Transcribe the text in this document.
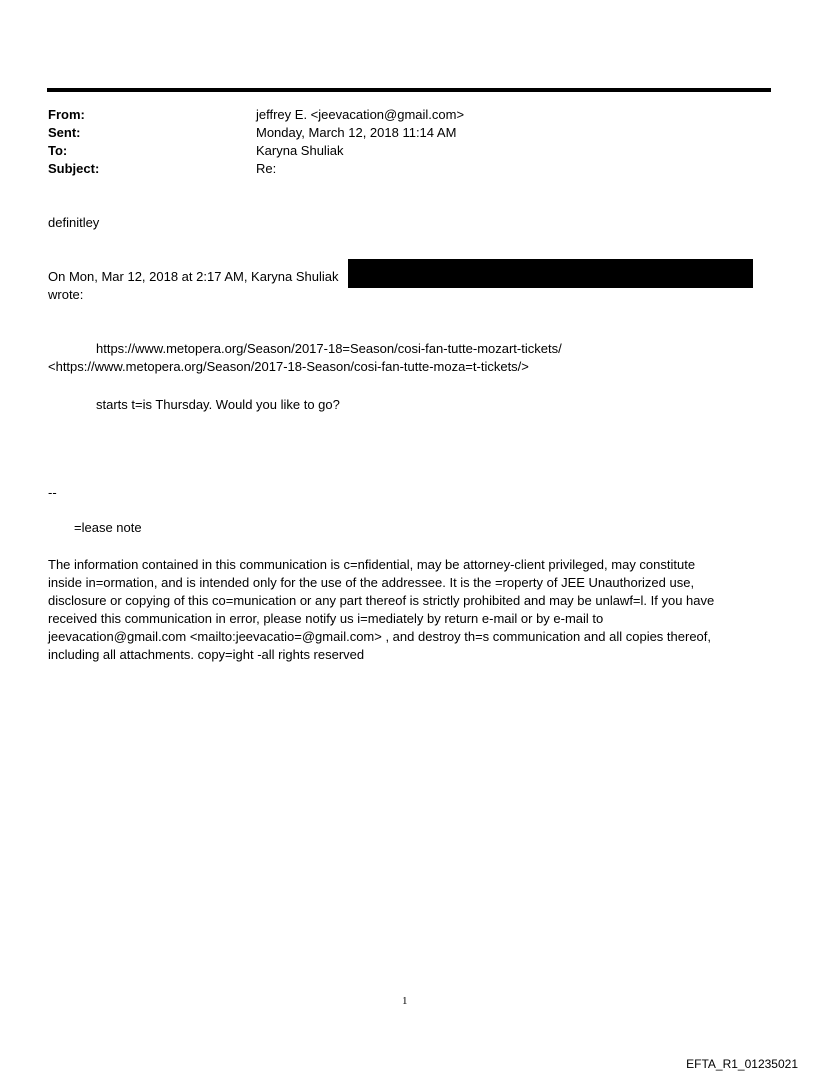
From:	jeffrey E. <jeevacation@gmail.com>
Sent:	Monday, March 12, 2018 11:14 AM
To:	Karyna Shuliak
Subject:	Re:
definitley
On Mon, Mar 12, 2018 at 2:17 AM, Karyna Shuliak
wrote:
https://www.metopera.org/Season/2017-18=Season/cosi-fan-tutte-mozart-tickets/
<https://www.metopera.org/Season/2017-18-Season/cosi-fan-tutte-moza=t-tickets/>
starts t=is Thursday. Would you like to go?
--
=lease note
The information contained in this communication is c=nfidential, may be attorney-client privileged, may constitute
inside in=ormation, and is intended only for the use of the addressee. It is the =roperty of JEE Unauthorized use,
disclosure or copying of this co=munication or any part thereof is strictly prohibited and may be unlawf=l. If you have
received this communication in error, please notify us i=mediately by return e-mail or by e-mail to
jeevacation@gmail.com <mailto:jeevacatio=@gmail.com> , and destroy th=s communication and all copies thereof,
including all attachments. copy=ight -all rights reserved
1
EFTA_R1_01235021
